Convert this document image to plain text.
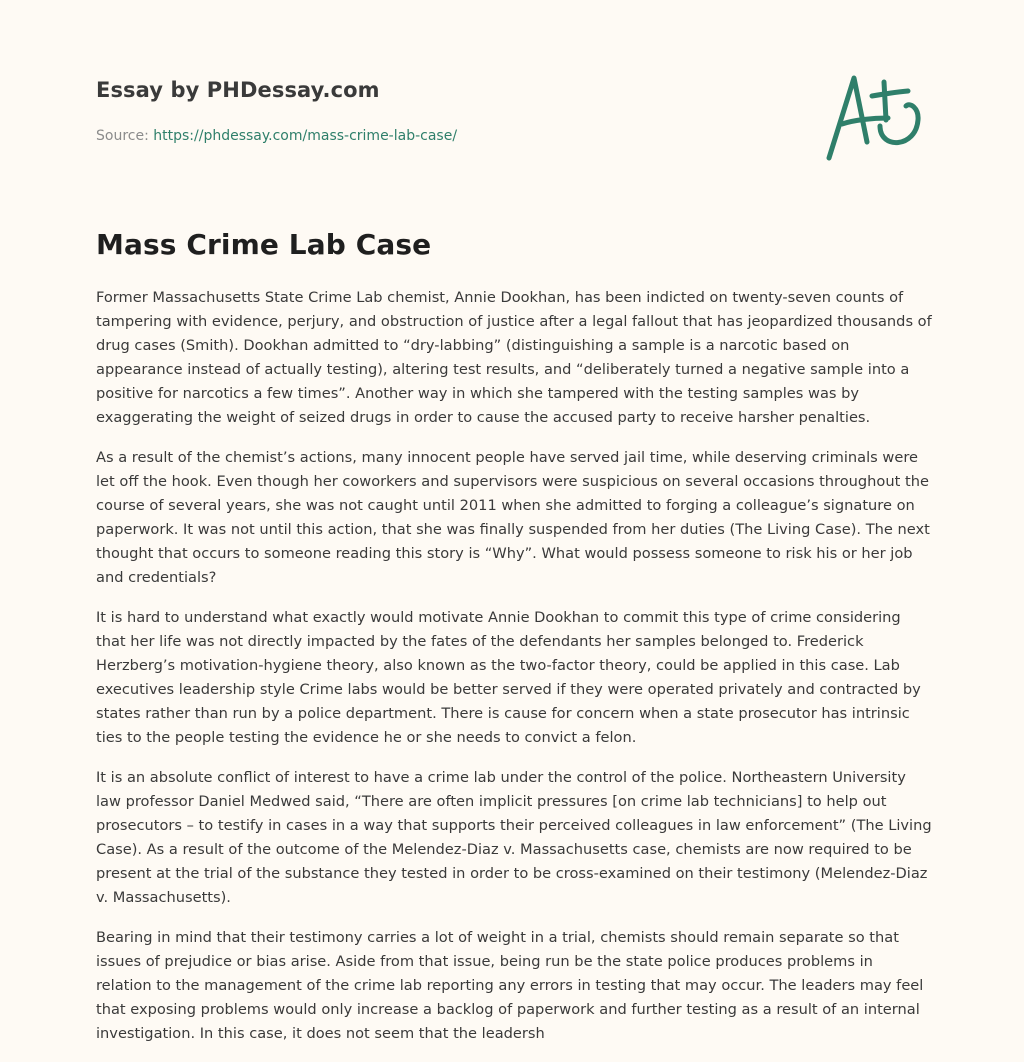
Essay by PHDessay.com
Source: https://phdessay.com/mass-crime-lab-case/
Mass Crime Lab Case

Former Massachusetts State Crime Lab chemist, Annie Dookhan, has been indicted on twenty-seven counts of tampering with evidence, perjury, and obstruction of justice after a legal fallout that has jeopardized thousands of drug cases (Smith). Dookhan admitted to “dry-labbing” (distinguishing a sample is a narcotic based on appearance instead of actually testing), altering test results, and “deliberately turned a negative sample into a positive for narcotics a few times”. Another way in which she tampered with the testing samples was by exaggerating the weight of seized drugs in order to cause the accused party to receive harsher penalties.

As a result of the chemist’s actions, many innocent people have served jail time, while deserving criminals were let off the hook. Even though her coworkers and supervisors were suspicious on several occasions throughout the course of several years, she was not caught until 2011 when she admitted to forging a colleague’s signature on paperwork. It was not until this action, that she was finally suspended from her duties (The Living Case). The next thought that occurs to someone reading this story is “Why”. What would possess someone to risk his or her job and credentials?

It is hard to understand what exactly would motivate Annie Dookhan to commit this type of crime considering that her life was not directly impacted by the fates of the defendants her samples belonged to. Frederick Herzberg’s motivation-hygiene theory, also known as the two-factor theory, could be applied in this case. Lab executives leadership style Crime labs would be better served if they were operated privately and contracted by states rather than run by a police department. There is cause for concern when a state prosecutor has intrinsic ties to the people testing the evidence he or she needs to convict a felon.

It is an absolute conflict of interest to have a crime lab under the control of the police. Northeastern University law professor Daniel Medwed said, “There are often implicit pressures [on crime lab technicians] to help out prosecutors – to testify in cases in a way that supports their perceived colleagues in law enforcement” (The Living Case). As a result of the outcome of the Melendez-Diaz v. Massachusetts case, chemists are now required to be present at the trial of the substance they tested in order to be cross-examined on their testimony (Melendez-Diaz v. Massachusetts).

Bearing in mind that their testimony carries a lot of weight in a trial, chemists should remain separate so that issues of prejudice or bias arise. Aside from that issue, being run be the state police produces problems in relation to the management of the crime lab reporting any errors in testing that may occur. The leaders may feel that exposing problems would only increase a backlog of paperwork and further testing as a result of an internal investigation. In this case, it does not seem that the leadersh
